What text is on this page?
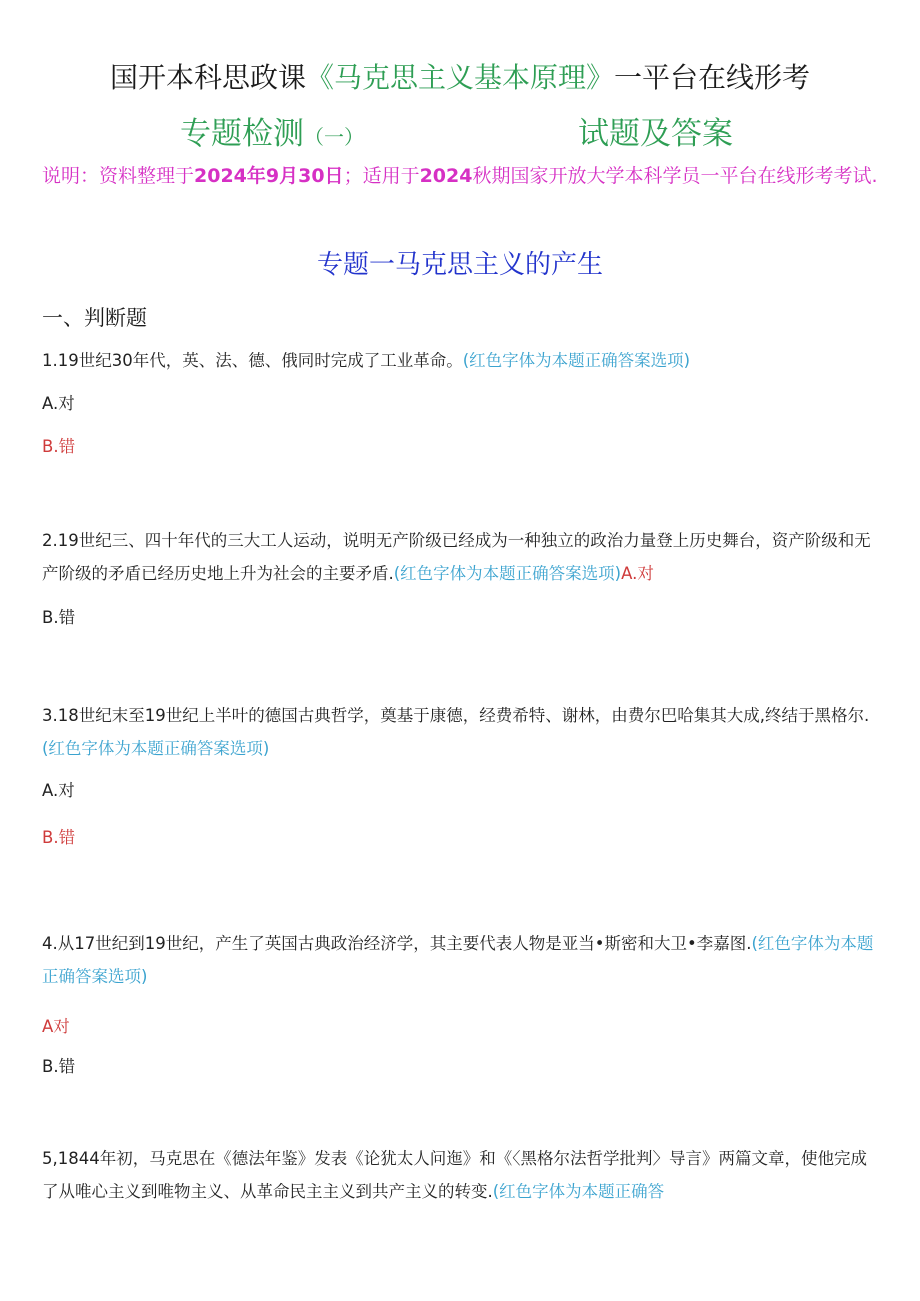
国开本科思政课《马克思主义基本原理》一平台在线形考
专题检测（一）	试题及答案
说明：资料整理于2024年9月30日；适用于2024秋期国家开放大学本科学员一平台在线形考考试.
专题一马克思主义的产生
一、判断题
1.19世纪30年代，英、法、德、俄同时完成了工业革命。(红色字体为本题正确答案选项)
A.对
B.错
2.19世纪三、四十年代的三大工人运动，说明无产阶级已经成为一种独立的政治力量登上历史舞台，资产阶级和无产阶级的矛盾已经历史地上升为社会的主要矛盾.(红色字体为本题正确答案选项)A.对
B.错
3.18世纪末至19世纪上半叶的德国古典哲学，奠基于康德，经费希特、谢林，由费尔巴哈集其大成,终结于黑格尔.(红色字体为本题正确答案选项)
A.对
B.错
4.从17世纪到19世纪，产生了英国古典政治经济学，其主要代表人物是亚当•斯密和大卫•李嘉图.(红色字体为本题正确答案选项)
A对
B.错
5,1844年初，马克思在《德法年鉴》发表《论犹太人问迤》和《〈黑格尔法哲学批判〉导言》两篇文章，使他完成了从唯心主义到唯物主义、从革命民主主义到共产主义的转变.(红色字体为本题正确答
